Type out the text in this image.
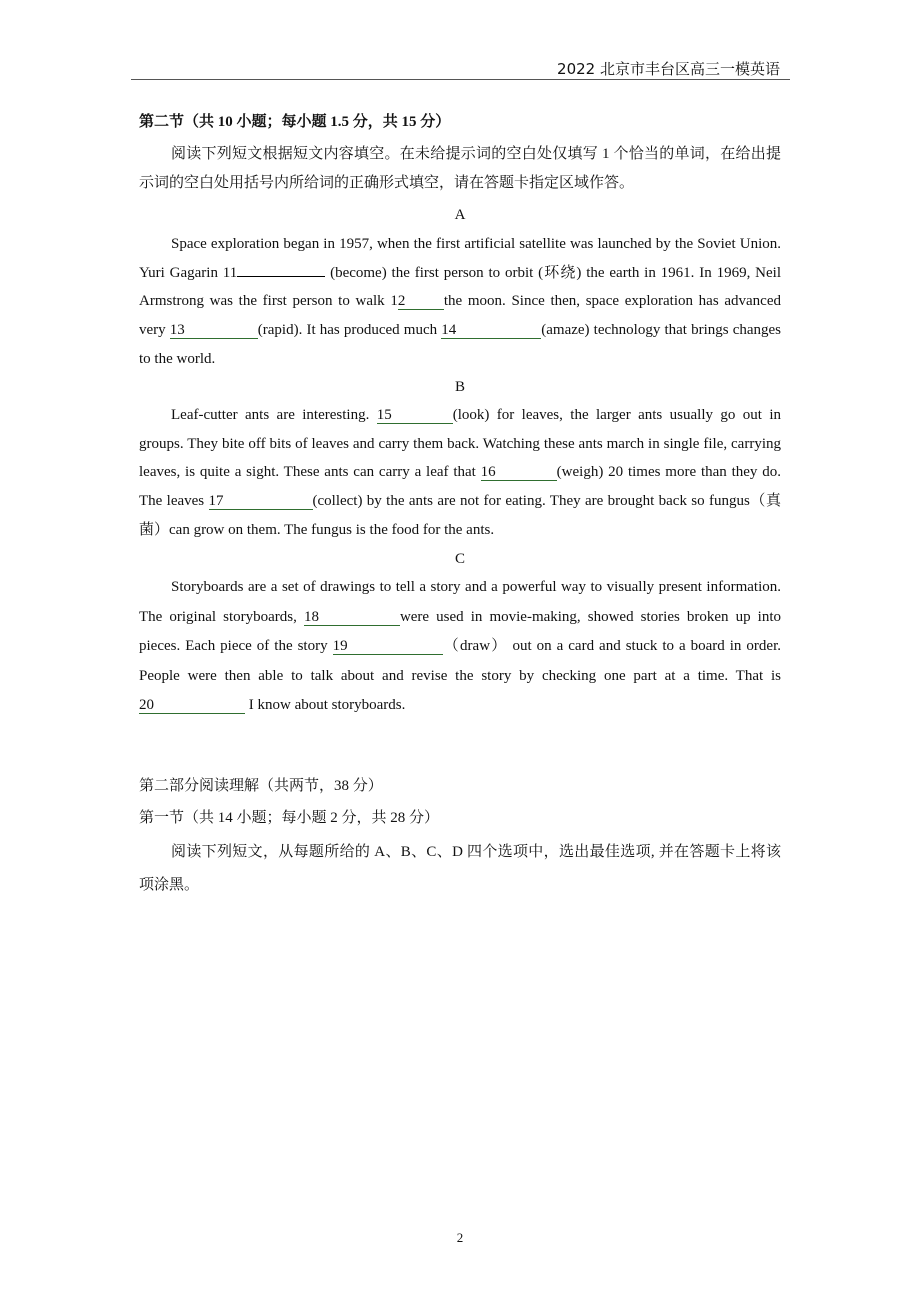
2022 北京市丰台区高三一模英语
第二节（共 10 小题；每小题 1.5 分，共 15 分）
阅读下列短文根据短文内容填空。在未给提示词的空白处仅填写 1 个恰当的单词，在给出提示词的空白处用括号内所给词的正确形式填空，请在答题卡指定区域作答。
A
Space exploration began in 1957, when the first artificial satellite was launched by the Soviet Union. Yuri Gagarin 11	(become) the first person to orbit (环绕) the earth in 1961. In 1969, Neil Armstrong was the first person to walk 12	the moon. Since then, space exploration has advanced very 13	(rapid). It has produced much 14	(amaze) technology that brings changes to the world.
B
Leaf-cutter ants are interesting. 15	(look) for leaves, the larger ants usually go out in groups. They bite off bits of leaves and carry them back. Watching these ants march in single file, carrying leaves, is quite a sight. These ants can carry a leaf that 16	(weigh) 20 times more than they do. The leaves 17	(collect) by the ants are not for eating. They are brought back so fungus（真菌）can grow on them. The fungus is the food for the ants.
C
Storyboards are a set of drawings to tell a story and a powerful way to visually present information. The original storyboards, 18	were used in movie-making, showed stories broken up into pieces. Each piece of the story 19	（draw） out on a card and stuck to a board in order. People were then able to talk about and revise the story by checking one part at a time. That is 20	I know about storyboards.
第二部分阅读理解（共两节，38 分）
第一节（共 14 小题；每小题 2 分，共 28 分）
阅读下列短文，从每题所给的 A、B、C、D 四个选项中，选出最佳选项, 并在答题卡上将该项涂黑。
2
